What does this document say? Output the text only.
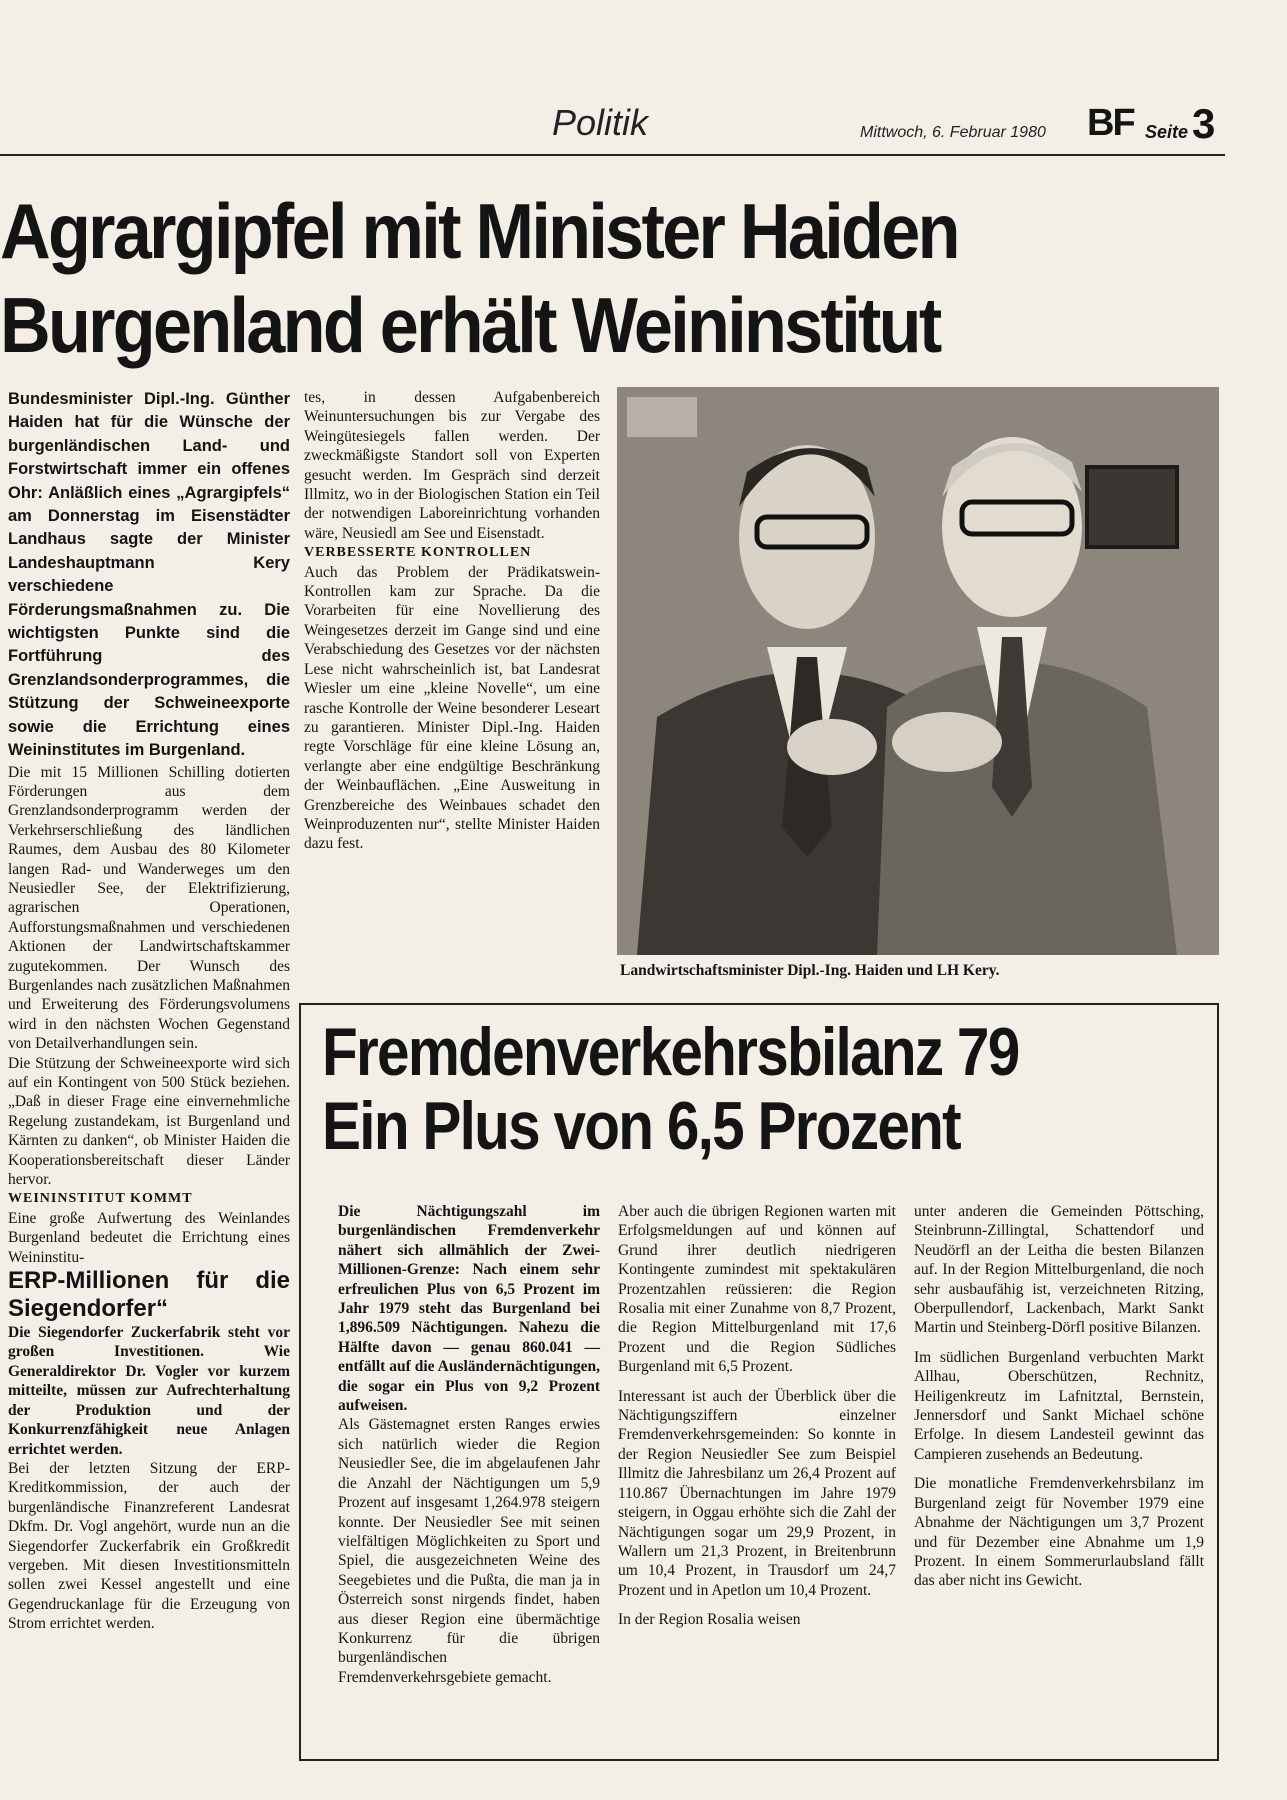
Politik	Mittwoch, 6. Februar 1980 BF Seite 3
Agrargipfel mit Minister Haiden
Burgenland erhält Weininstitut

Bundesminister Dipl.-Ing. Günther Haiden hat für die Wünsche der burgenländischen Land- und Forstwirtschaft immer ein offenes Ohr: Anläßlich eines „Agrargipfels“ am Donnerstag im Eisenstädter Landhaus sagte der Minister Landeshauptmann Kery verschiedene Förderungsmaßnahmen zu. Die wichtigsten Punkte sind die Fortführung des Grenzlandsonderprogrammes, die Stützung der Schweineexporte sowie die Errichtung eines Weininstitutes im Burgenland.

Die mit 15 Millionen Schilling dotierten Förderungen aus dem Grenzlandsonderprogramm werden der Verkehrserschließung des ländlichen Raumes, dem Ausbau des 80 Kilometer langen Rad- und Wanderweges um den Neusiedler See, der Elektrifizierung, agrarischen Operationen, Aufforstungsmaßnahmen und verschiedenen Aktionen der Landwirtschaftskammer zugutekommen. Der Wunsch des Burgenlandes nach zusätzlichen Maßnahmen und Erweiterung des Förderungsvolumens wird in den nächsten Wochen Gegenstand von Detailverhandlungen sein.

Die Stützung der Schweineexporte wird sich auf ein Kontingent von 500 Stück beziehen. „Daß in dieser Frage eine einvernehmliche Regelung zustandekam, ist Burgenland und Kärnten zu danken“, ob Minister Haiden die Kooperationsbereitschaft dieser Länder hervor.

WEININSTITUT KOMMT

Eine große Aufwertung des Weinlandes Burgenland bedeutet die Errichtung eines Weininstitu-

ERP-Millionen für die Siegendorfer“

Die Siegendorfer Zuckerfabrik steht vor großen Investitionen. Wie Generaldirektor Dr. Vogler vor kurzem mitteilte, müssen zur Aufrechterhaltung der Produktion und der Konkurrenzfähigkeit neue Anlagen errichtet werden.

Bei der letzten Sitzung der ERP-Kreditkommission, der auch der burgenländische Finanzreferent Landesrat Dkfm. Dr. Vogl angehört, wurde nun an die Siegendorfer Zuckerfabrik ein Großkredit vergeben. Mit diesen Investitionsmitteln sollen zwei Kessel angestellt und eine Gegendruckanlage für die Erzeugung von Strom errichtet werden.

tes, in dessen Aufgabenbereich Weinuntersuchungen bis zur Vergabe des Weingütesiegels fallen werden. Der zweckmäßigste Standort soll von Experten gesucht werden. Im Gespräch sind derzeit Illmitz, wo in der Biologischen Station ein Teil der notwendigen Laboreinrichtung vorhanden wäre, Neusiedl am See und Eisenstadt.

VERBESSERTE KONTROLLEN

Auch das Problem der Prädikatswein-Kontrollen kam zur Sprache. Da die Vorarbeiten für eine Novellierung des Weingesetzes derzeit im Gange sind und eine Verabschiedung des Gesetzes vor der nächsten Lese nicht wahrscheinlich ist, bat Landesrat Wiesler um eine „kleine Novelle“, um eine rasche Kontrolle der Weine besonderer Leseart zu garantieren. Minister Dipl.-Ing. Haiden regte Vorschläge für eine kleine Lösung an, verlangte aber eine endgültige Beschränkung der Weinbauflächen. „Eine Ausweitung in Grenzbereiche des Weinbaues schadet den Weinproduzenten nur“, stellte Minister Haiden dazu fest.

Landwirtschaftsminister Dipl.-Ing. Haiden und LH Kery.
Fremdenverkehrsbilanz 79
Ein Plus von 6,5 Prozent

Die Nächtigungszahl im burgenländischen Fremdenverkehr nähert sich allmählich der Zwei-Millionen-Grenze: Nach einem sehr erfreulichen Plus von 6,5 Prozent im Jahr 1979 steht das Burgenland bei 1,896.509 Nächtigungen. Nahezu die Hälfte davon — genau 860.041 — entfällt auf die Ausländernächtigungen, die sogar ein Plus von 9,2 Prozent aufweisen.

Als Gästemagnet ersten Ranges erwies sich natürlich wieder die Region Neusiedler See, die im abgelaufenen Jahr die Anzahl der Nächtigungen um 5,9 Prozent auf insgesamt 1,264.978 steigern konnte. Der Neusiedler See mit seinen vielfältigen Möglichkeiten zu Sport und Spiel, die ausgezeichneten Weine des Seegebietes und die Pußta, die man ja in Österreich sonst nirgends findet, haben aus dieser Region eine übermächtige Konkurrenz für die übrigen burgenländischen Fremdenverkehrsgebiete gemacht.

Aber auch die übrigen Regionen warten mit Erfolgsmeldungen auf und können auf Grund ihrer deutlich niedrigeren Kontingente zumindest mit spektakulären Prozentzahlen reüssieren: die Region Rosalia mit einer Zunahme von 8,7 Prozent, die Region Mittelburgenland mit 17,6 Prozent und die Region Südliches Burgenland mit 6,5 Prozent.

Interessant ist auch der Überblick über die Nächtigungsziffern einzelner Fremdenverkehrsgemeinden: So konnte in der Region Neusiedler See zum Beispiel Illmitz die Jahresbilanz um 26,4 Prozent auf 110.867 Übernachtungen im Jahre 1979 steigern, in Oggau erhöhte sich die Zahl der Nächtigungen sogar um 29,9 Prozent, in Wallern um 21,3 Prozent, in Breitenbrunn um 10,4 Prozent, in Trausdorf um 24,7 Prozent und in Apetlon um 10,4 Prozent.

In der Region Rosalia weisen

unter anderen die Gemeinden Pöttsching, Steinbrunn-Zillingtal, Schattendorf und Neudörfl an der Leitha die besten Bilanzen auf. In der Region Mittelburgenland, die noch sehr ausbaufähig ist, verzeichneten Ritzing, Oberpullendorf, Lackenbach, Markt Sankt Martin und Steinberg-Dörfl positive Bilanzen.

Im südlichen Burgenland verbuchten Markt Allhau, Oberschützen, Rechnitz, Heiligenkreutz im Lafnitztal, Bernstein, Jennersdorf und Sankt Michael schöne Erfolge. In diesem Landesteil gewinnt das Campieren zusehends an Bedeutung.

Die monatliche Fremdenverkehrsbilanz im Burgenland zeigt für November 1979 eine Abnahme der Nächtigungen um 3,7 Prozent und für Dezember eine Abnahme um 1,9 Prozent. In einem Sommerurlaubsland fällt das aber nicht ins Gewicht.
